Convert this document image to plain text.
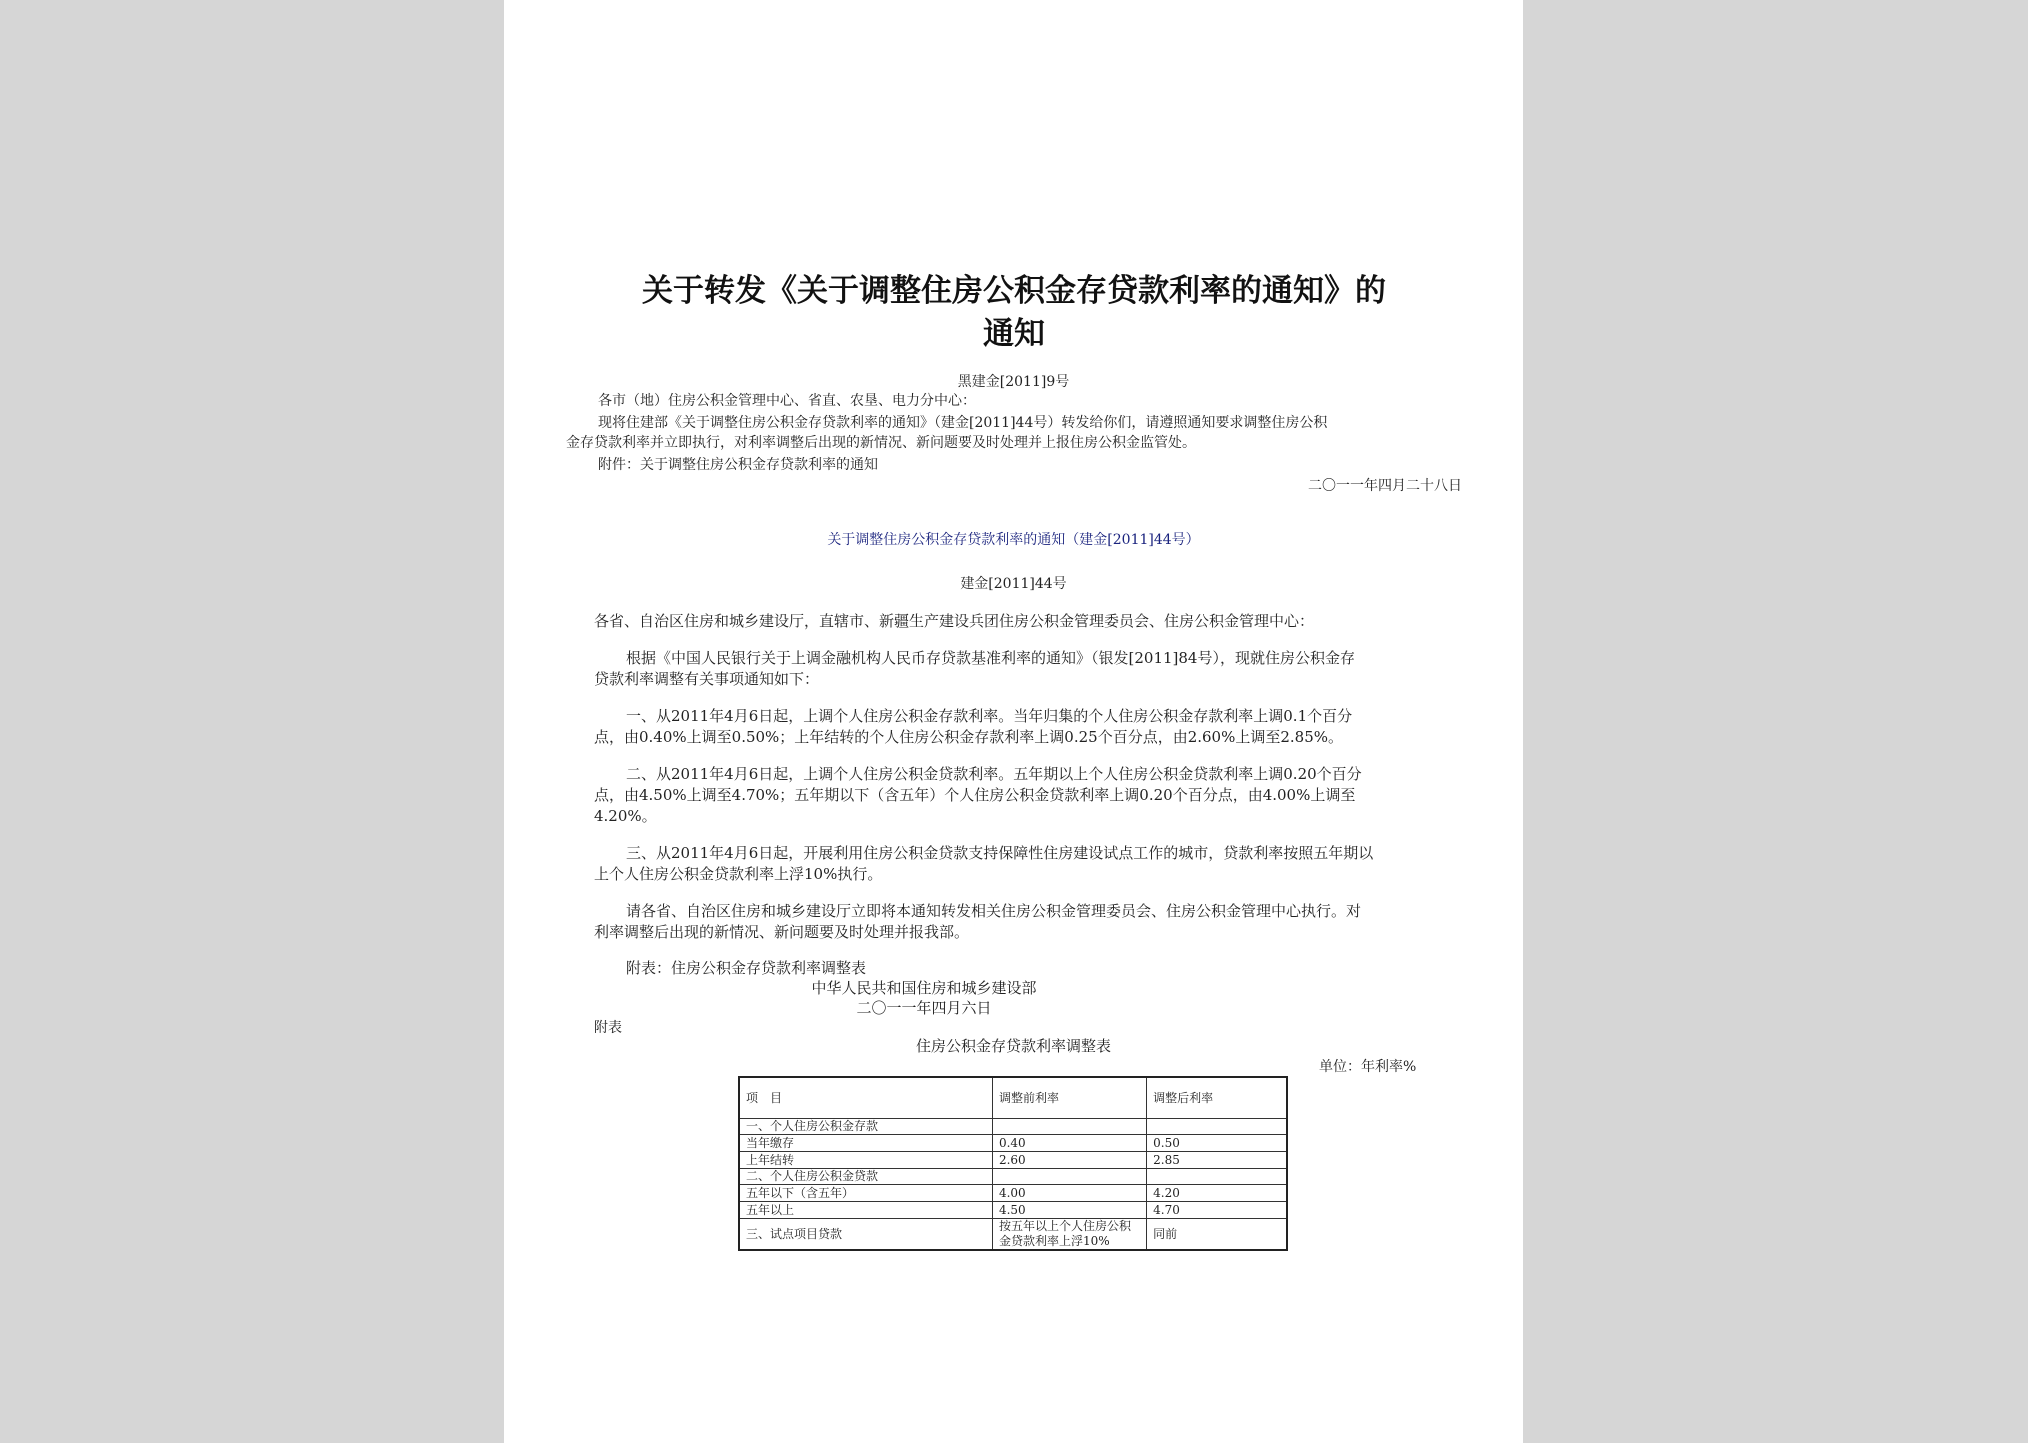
关于转发《关于调整住房公积金存贷款利率的通知》的
通知
黑建金[2011]9号
各市（地）住房公积金管理中心、省直、农垦、电力分中心：
现将住建部《关于调整住房公积金存贷款利率的通知》（建金[2011]44号）转发给你们，请遵照通知要求调整住房公积
金存贷款利率并立即执行，对利率调整后出现的新情况、新问题要及时处理并上报住房公积金监管处。
附件：关于调整住房公积金存贷款利率的通知
二〇一一年四月二十八日
关于调整住房公积金存贷款利率的通知（建金[2011]44号）
建金[2011]44号
各省、自治区住房和城乡建设厅，直辖市、新疆生产建设兵团住房公积金管理委员会、住房公积金管理中心：
根据《中国人民银行关于上调金融机构人民币存贷款基准利率的通知》（银发[2011]84号），现就住房公积金存
贷款利率调整有关事项通知如下：
一、从2011年4月6日起，上调个人住房公积金存款利率。当年归集的个人住房公积金存款利率上调0.1个百分
点，由0.40%上调至0.50%；上年结转的个人住房公积金存款利率上调0.25个百分点，由2.60%上调至2.85%。
二、从2011年4月6日起，上调个人住房公积金贷款利率。五年期以上个人住房公积金贷款利率上调0.20个百分
点，由4.50%上调至4.70%；五年期以下（含五年）个人住房公积金贷款利率上调0.20个百分点，由4.00%上调至
4.20%。
三、从2011年4月6日起，开展利用住房公积金贷款支持保障性住房建设试点工作的城市，贷款利率按照五年期以
上个人住房公积金贷款利率上浮10%执行。
请各省、自治区住房和城乡建设厅立即将本通知转发相关住房公积金管理委员会、住房公积金管理中心执行。对
利率调整后出现的新情况、新问题要及时处理并报我部。
附表：住房公积金存贷款利率调整表
中华人民共和国住房和城乡建设部
二〇一一年四月六日
附表
住房公积金存贷款利率调整表
单位：年利率%
项　目	调整前利率	调整后利率
一、个人住房公积金存款		
当年缴存	0.40	0.50
上年结转	2.60	2.85
二、个人住房公积金贷款		
五年以下（含五年）	4.00	4.20
五年以上	4.50	4.70
三、试点项目贷款	按五年以上个人住房公积金贷款利率上浮10%	同前
